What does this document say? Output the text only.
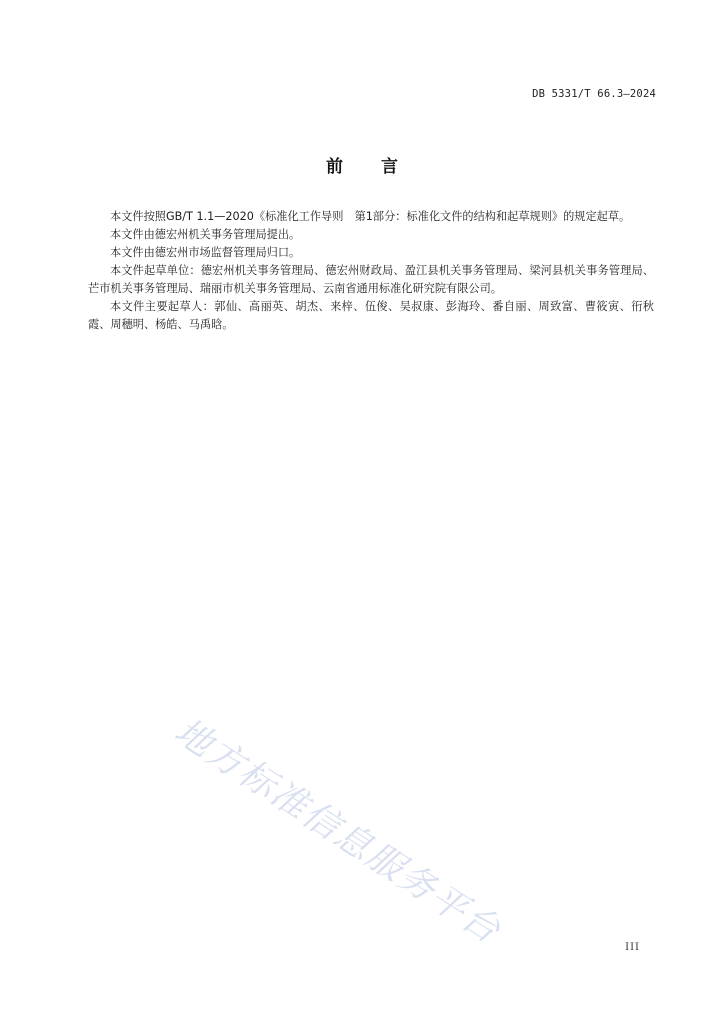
DB 5331/T 66.3—2024
前 言

本文件按照GB/T 1.1—2020《标准化工作导则　第1部分：标准化文件的结构和起草规则》的规定起草。

本文件由德宏州机关事务管理局提出。

本文件由德宏州市场监督管理局归口。

本文件起草单位：德宏州机关事务管理局、德宏州财政局、盈江县机关事务管理局、梁河县机关事务管理局、芒市机关事务管理局、瑞丽市机关事务管理局、云南省通用标准化研究院有限公司。

本文件主要起草人：郭仙、高丽英、胡杰、来梓、伍俊、吴叔康、彭海玲、番自丽、周致富、曹筱寅、衎秋霞、周穗明、杨皓、马禹晗。

地方标准信息服务平台	III
